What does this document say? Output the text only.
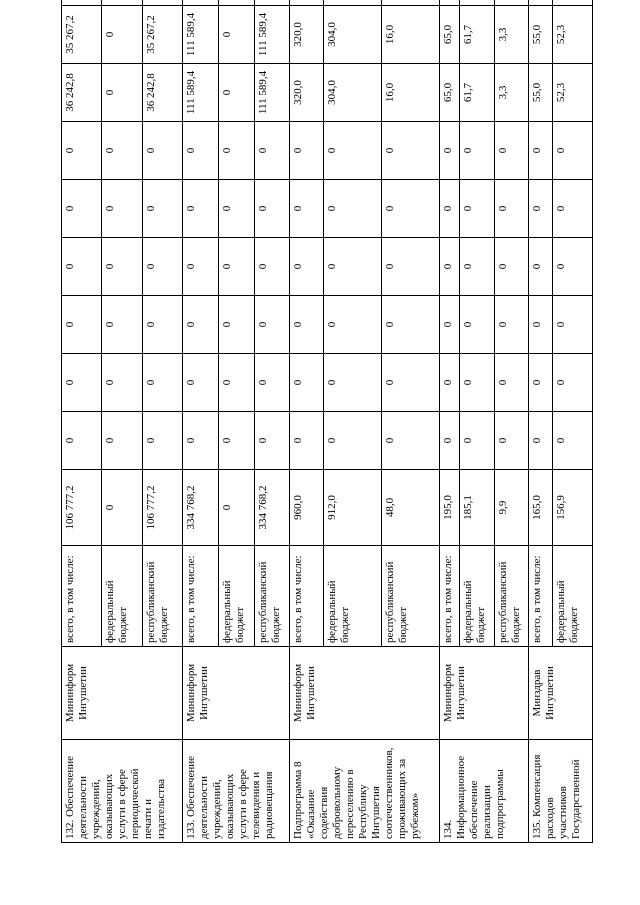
132. Обеспечение деятельности учреждений, оказывающих услуги в сфере периодической печати и издательства	Мининформ Ингушетии	всего, в том числе:	106 777,2	0	0	0	0	0	0	36 242,8	35 267,2	
		федеральный бюджет	0	0	0	0	0	0	0	0	0	
		республиканский бюджет	106 777,2	0	0	0	0	0	0	36 242,8	35 267,2	
133. Обеспечение деятельности учреждений, оказывающих услуги в сфере телевидения и радиовещания	Мининформ Ингушетии	всего, в том числе:	334 768,2	0	0	0	0	0	0	111 589,4	111 589,4	
		федеральный бюджет	0	0	0	0	0	0	0	0	0	
		республиканский бюджет	334 768,2	0	0	0	0	0	0	111 589,4	111 589,4	
Подпрограмма 8 «Оказание содействия добровольному переселению в Республику Ингушетия соотечественников, проживающих за рубежом»	Мининформ Ингушетии	всего, в том числе:	960,0	0	0	0	0	0	0	320,0	320,0	
		федеральный бюджет	912,0	0	0	0	0	0	0	304,0	304,0	
		республиканский бюджет	48,0	0	0	0	0	0	0	16,0	16,0	
134. Информационное обеспечение реализации подпрограммы	Мининформ Ингушетии	всего, в том числе:	195,0	0	0	0	0	0	0	65,0	65,0	
		федеральный бюджет	185,1	0	0	0	0	0	0	61,7	61,7	
		республиканский бюджет	9,9	0	0	0	0	0	0	3,3	3,3	
135. Компенсация расходов участников Государственной	Минздрав Ингушетии	всего, в том числе:	165,0	0	0	0	0	0	0	55,0	55,0	
		федеральный бюджет	156,9	0	0	0	0	0	0	52,3	52,3	
